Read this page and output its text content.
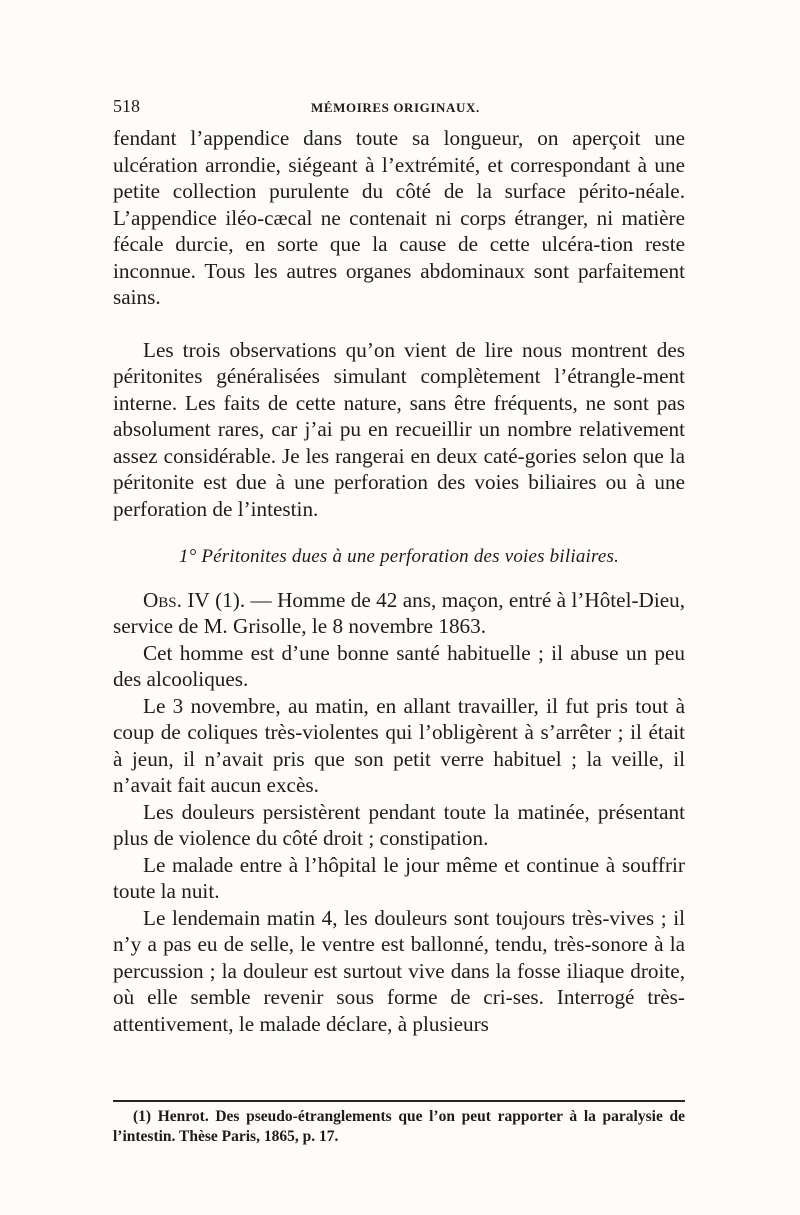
518	MÉMOIRES ORIGINAUX.

fendant l’appendice dans toute sa longueur, on aperçoit une ulcération arrondie, siégeant à l’extrémité, et correspondant à une petite collection purulente du côté de la surface périto-néale. L’appendice iléo-cæcal ne contenait ni corps étranger, ni matière fécale durcie, en sorte que la cause de cette ulcéra-tion reste inconnue. Tous les autres organes abdominaux sont parfaitement sains.

Les trois observations qu’on vient de lire nous montrent des péritonites généralisées simulant complètement l’étrangle-ment interne. Les faits de cette nature, sans être fréquents, ne sont pas absolument rares, car j’ai pu en recueillir un nombre relativement assez considérable. Je les rangerai en deux caté-gories selon que la péritonite est due à une perforation des voies biliaires ou à une perforation de l’intestin.

1° Péritonites dues à une perforation des voies biliaires.

Obs. IV (1). — Homme de 42 ans, maçon, entré à l’Hôtel-Dieu, service de M. Grisolle, le 8 novembre 1863.

Cet homme est d’une bonne santé habituelle ; il abuse un peu des alcooliques.

Le 3 novembre, au matin, en allant travailler, il fut pris tout à coup de coliques très-violentes qui l’obligèrent à s’arrêter ; il était à jeun, il n’avait pris que son petit verre habituel ; la veille, il n’avait fait aucun excès.

Les douleurs persistèrent pendant toute la matinée, présentant plus de violence du côté droit ; constipation.

Le malade entre à l’hôpital le jour même et continue à souffrir toute la nuit.

Le lendemain matin 4, les douleurs sont toujours très-vives ; il n’y a pas eu de selle, le ventre est ballonné, tendu, très-sonore à la percussion ; la douleur est surtout vive dans la fosse iliaque droite, où elle semble revenir sous forme de cri-ses. Interrogé très-attentivement, le malade déclare, à plusieurs

(1) Henrot. Des pseudo-étranglements que l’on peut rapporter à la paralysie de l’intestin. Thèse Paris, 1865, p. 17.
